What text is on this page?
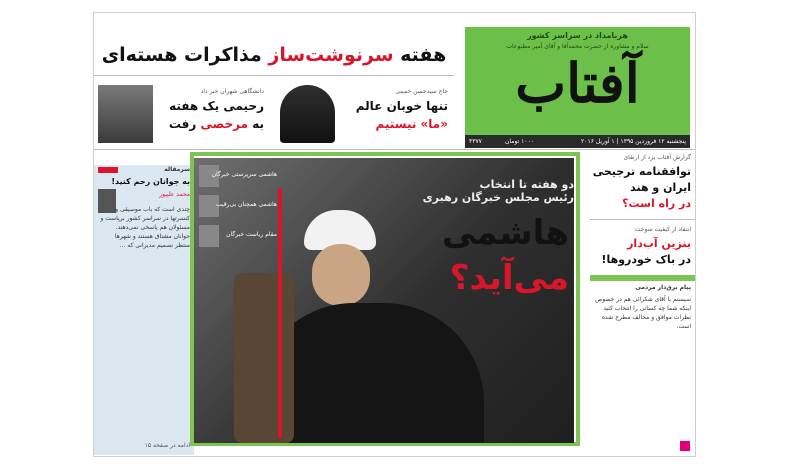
هربامداد در سراسر کشور
سلام و مشاوره از حضرت محمدآقا و آقای آمیر مطبوعات
آفتاب
پنجشنبه ۱۲ فروردین ۱۳۹۵ | ۱ آوریل ۲۰۱۶
۱۰۰۰ تومان
۴۳۷۷
هفته سرنوشت‌ساز مذاکرات هسته‌ای
حاج سیدحسن خمینی
تنها خوبان عالم
«ما» نیستیم
دانشگاهی شهران خبر داد
رحیمی یک هفته
به مرخصی رفت
سرمقاله
به جوانان رحم کنید!
محمد علیپور
چندی است که باب موسیقی و کنسرتها در سراسر کشور برپاست و مسئولان هم پاسخی نمی‌دهند. جوانان مشتاق هستند و شهرها منتظر تصمیم مدیرانی که ...
ادامه در صفحه ۱۵
دو هفته تا انتخاب
رئیس مجلس خبرگان رهبری
هاشمی
می‌آید؟
هاشمی سرپرستی خبرگان
هاشمی همچنان بی‌رقیب
مقام ریاست خبرگان
گزارش آفتاب یزد از ارتقای
توافقنامه ترجیحی
ایران و هند
در راه است؟
انتقاد از کیفیت سوخت
بنزین آب‌دار
در باک خودروها!
پیام برق‌دار مردمی
سیستم با آقای شکرائی هم در خصوص اینکه شما چه کسانی را انتخاب کنید نظرات موافق و مخالف مطرح شده است.
